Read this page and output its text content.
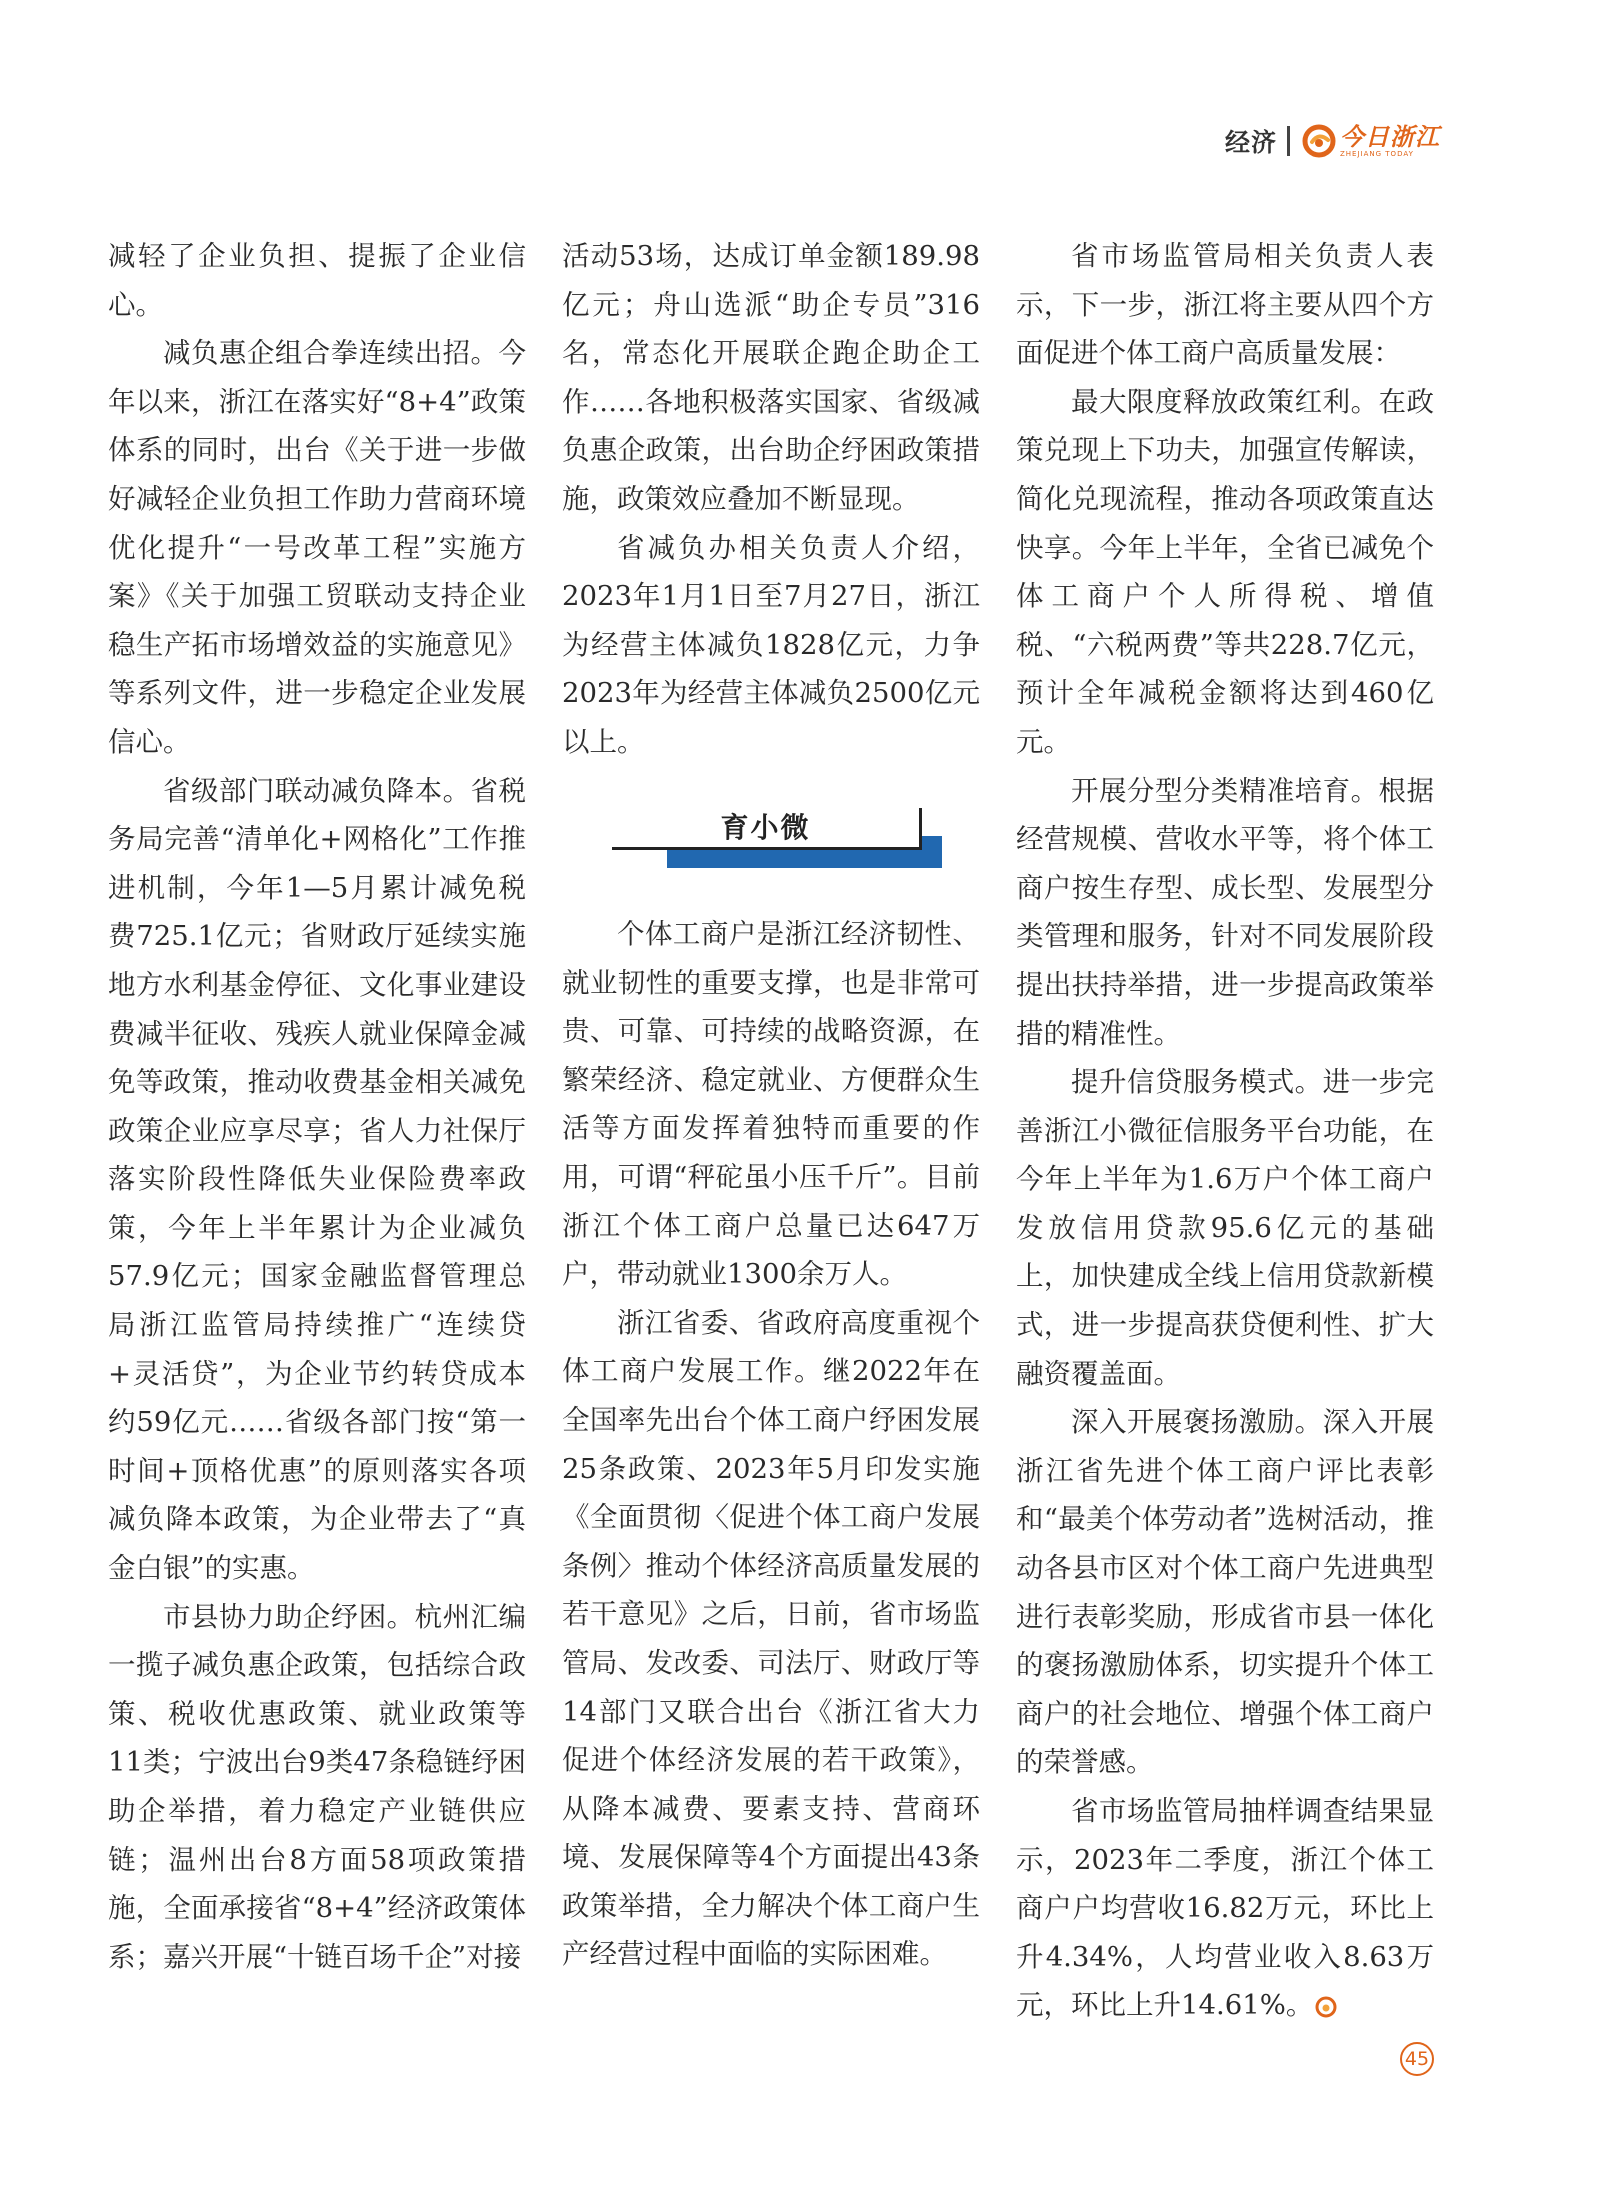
经济	今日浙江
ZHEJIANG TODAY

减轻了企业负担、提振了企业信心。

减负惠企组合拳连续出招。今年以来，浙江在落实好“8+4”政策体系的同时，出台《关于进一步做好减轻企业负担工作助力营商环境优化提升“一号改革工程”实施方案》《关于加强工贸联动支持企业稳生产拓市场增效益的实施意见》等系列文件，进一步稳定企业发展信心。

省级部门联动减负降本。省税务局完善“清单化+网格化”工作推进机制，今年1—5月累计减免税费725.1亿元；省财政厅延续实施地方水利基金停征、文化事业建设费减半征收、残疾人就业保障金减免等政策，推动收费基金相关减免政策企业应享尽享；省人力社保厅落实阶段性降低失业保险费率政策，今年上半年累计为企业减负57.9亿元；国家金融监督管理总局浙江监管局持续推广“连续贷+灵活贷”，为企业节约转贷成本约59亿元……省级各部门按“第一时间+顶格优惠”的原则落实各项减负降本政策，为企业带去了“真金白银”的实惠。

市县协力助企纾困。杭州汇编一揽子减负惠企政策，包括综合政策、税收优惠政策、就业政策等11类；宁波出台9类47条稳链纾困助企举措，着力稳定产业链供应链；温州出台8方面58项政策措施，全面承接省“8+4”经济政策体系；嘉兴开展“十链百场千企”对接

活动53场，达成订单金额189.98亿元；舟山选派“助企专员”316名，常态化开展联企跑企助企工作……各地积极落实国家、省级减负惠企政策，出台助企纾困政策措施，政策效应叠加不断显现。

省减负办相关负责人介绍，2023年1月1日至7月27日，浙江为经营主体减负1828亿元，力争2023年为经营主体减负2500亿元以上。

育小微

个体工商户是浙江经济韧性、就业韧性的重要支撑，也是非常可贵、可靠、可持续的战略资源，在繁荣经济、稳定就业、方便群众生活等方面发挥着独特而重要的作用，可谓“秤砣虽小压千斤”。目前浙江个体工商户总量已达647万户，带动就业1300余万人。

浙江省委、省政府高度重视个体工商户发展工作。继2022年在全国率先出台个体工商户纾困发展25条政策、2023年5月印发实施《全面贯彻〈促进个体工商户发展条例〉推动个体经济高质量发展的若干意见》之后，日前，省市场监管局、发改委、司法厅、财政厅等14部门又联合出台《浙江省大力促进个体经济发展的若干政策》，从降本减费、要素支持、营商环境、发展保障等4个方面提出43条政策举措，全力解决个体工商户生产经营过程中面临的实际困难。

省市场监管局相关负责人表示，下一步，浙江将主要从四个方面促进个体工商户高质量发展：

最大限度释放政策红利。在政策兑现上下功夫，加强宣传解读，简化兑现流程，推动各项政策直达快享。今年上半年，全省已减免个体工商户个人所得税、增值税、“六税两费”等共228.7亿元，预计全年减税金额将达到460亿元。

开展分型分类精准培育。根据经营规模、营收水平等，将个体工商户按生存型、成长型、发展型分类管理和服务，针对不同发展阶段提出扶持举措，进一步提高政策举措的精准性。

提升信贷服务模式。进一步完善浙江小微征信服务平台功能，在今年上半年为1.6万户个体工商户发放信用贷款95.6亿元的基础上，加快建成全线上信用贷款新模式，进一步提高获贷便利性、扩大融资覆盖面。

深入开展褒扬激励。深入开展浙江省先进个体工商户评比表彰和“最美个体劳动者”选树活动，推动各县市区对个体工商户先进典型进行表彰奖励，形成省市县一体化的褒扬激励体系，切实提升个体工商户的社会地位、增强个体工商户的荣誉感。

省市场监管局抽样调查结果显示，2023年二季度，浙江个体工商户户均营收16.82万元，环比上升4.34%，人均营业收入8.63万元，环比上升14.61%。

45
